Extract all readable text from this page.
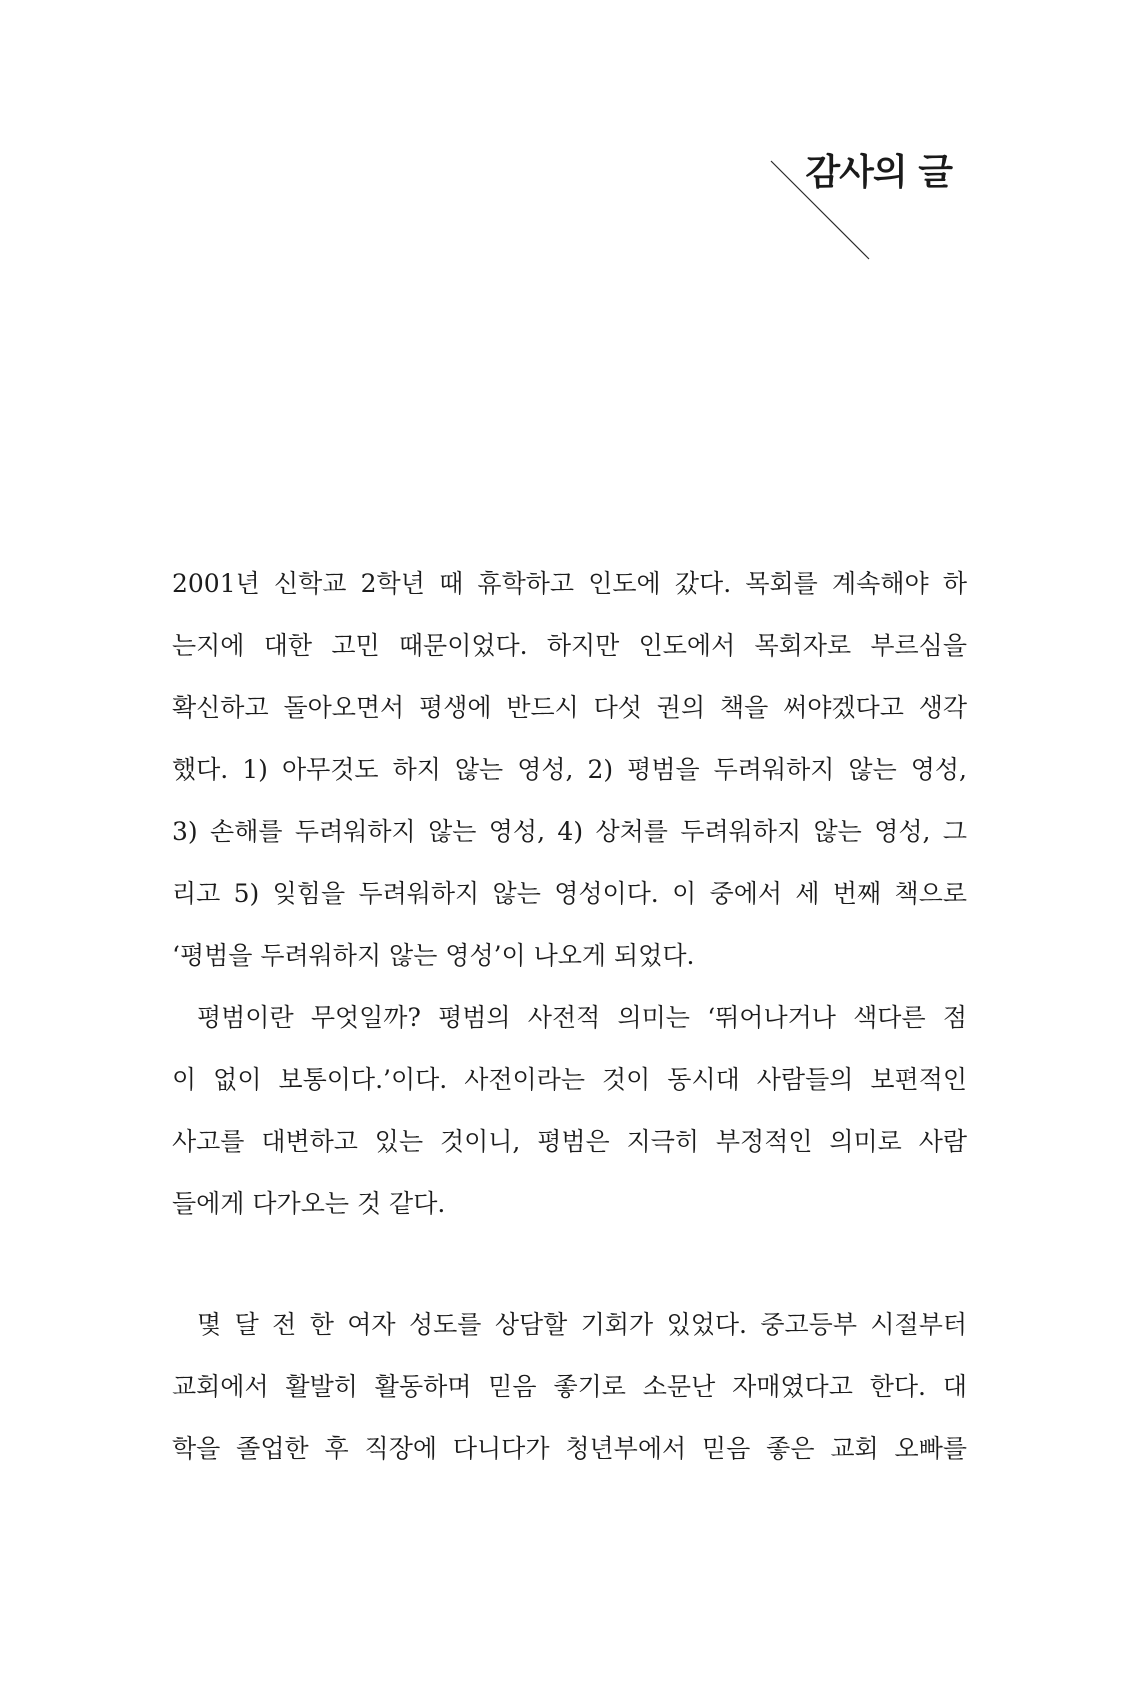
감사의 글
2001년 신학교 2학년 때 휴학하고 인도에 갔다. 목회를 계속해야 하
는지에 대한 고민 때문이었다. 하지만 인도에서 목회자로 부르심을
확신하고 돌아오면서 평생에 반드시 다섯 권의 책을 써야겠다고 생각
했다. 1) 아무것도 하지 않는 영성, 2) 평범을 두려워하지 않는 영성,
3) 손해를 두려워하지 않는 영성, 4) 상처를 두려워하지 않는 영성, 그
리고 5) 잊힘을 두려워하지 않는 영성이다. 이 중에서 세 번째 책으로
‘평범을 두려워하지 않는 영성’이 나오게 되었다.
평범이란 무엇일까? 평범의 사전적 의미는 ‘뛰어나거나 색다른 점
이 없이 보통이다.’이다. 사전이라는 것이 동시대 사람들의 보편적인
사고를 대변하고 있는 것이니, 평범은 지극히 부정적인 의미로 사람
들에게 다가오는 것 같다.
몇 달 전 한 여자 성도를 상담할 기회가 있었다. 중고등부 시절부터
교회에서 활발히 활동하며 믿음 좋기로 소문난 자매였다고 한다. 대
학을 졸업한 후 직장에 다니다가 청년부에서 믿음 좋은 교회 오빠를
